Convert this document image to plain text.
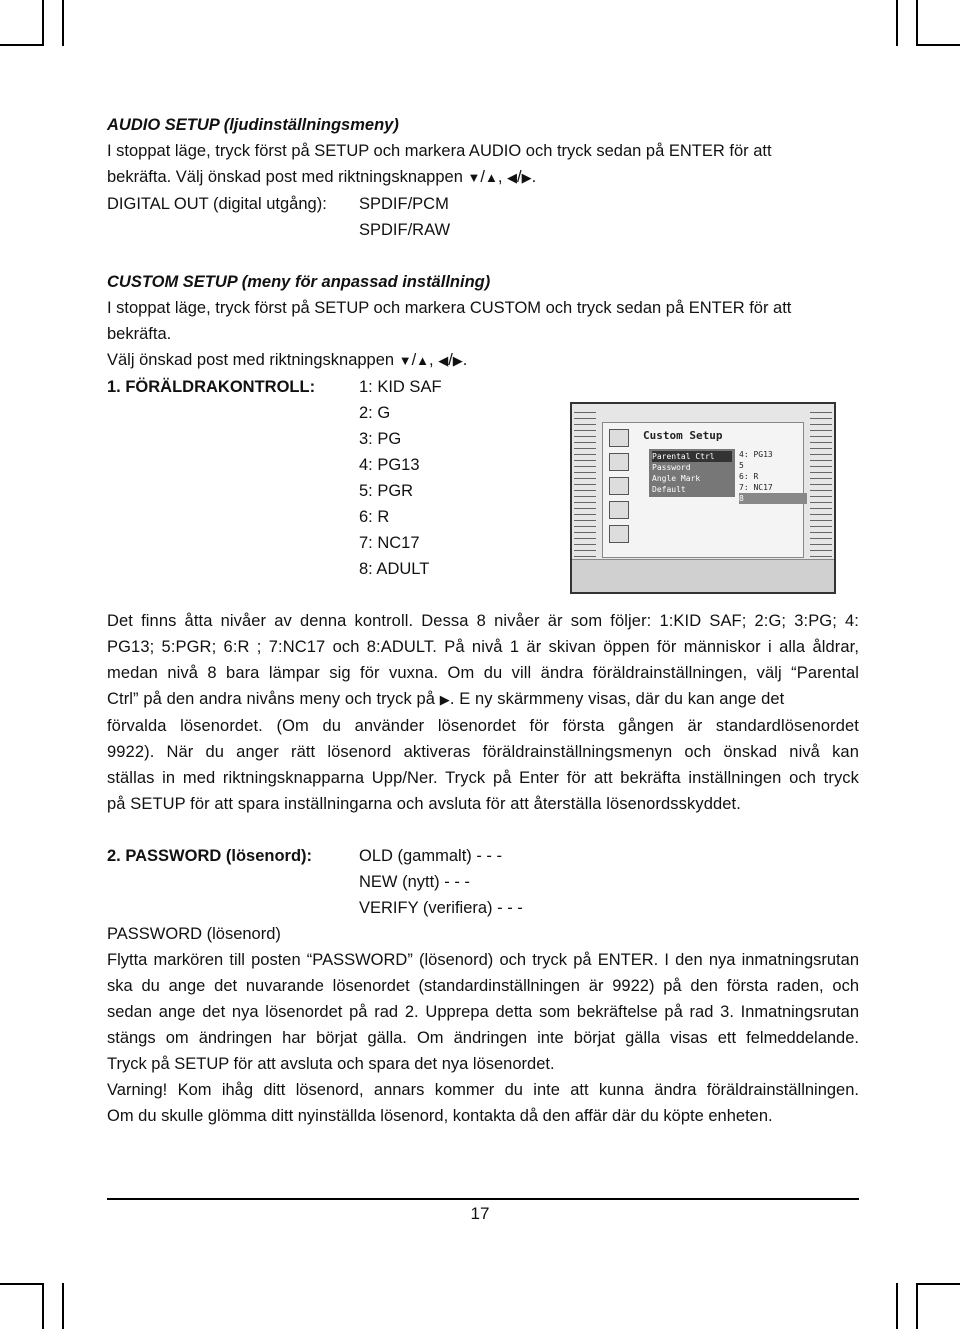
AUDIO SETUP (ljudinställningsmeny)
I stoppat läge, tryck först på SETUP och markera AUDIO och tryck sedan på ENTER för att
bekräfta. Välj önskad post med riktningsknappen ▼/▲, ◀/▶.
DIGITAL OUT (digital utgång):SPDIF/PCM
SPDIF/RAW
CUSTOM SETUP (meny för anpassad inställning)
I stoppat läge, tryck först på SETUP och markera CUSTOM och tryck sedan på ENTER för att
bekräfta.
Välj önskad post med riktningsknappen ▼/▲, ◀/▶.
1. FÖRÄLDRAKONTROLL:	1: KID SAF
2: G
3: PG
4: PG13
5: PGR
6: R
7: NC17
8: ADULT
Det finns åtta nivåer av denna kontroll. Dessa 8 nivåer är som följer: 1:KID SAF; 2:G; 3:PG; 4:
PG13; 5:PGR; 6:R ; 7:NC17 och 8:ADULT. På nivå 1 är skivan öppen för människor i alla åldrar,
medan nivå 8 bara lämpar sig för vuxna. Om du vill ändra föräldrainställningen, välj “Parental
Ctrl” på den andra nivåns meny och tryck på ▶. E ny skärmmeny visas, där du kan ange det
förvalda lösenordet. (Om du använder lösenordet för första gången är standardlösenordet
9922). När du anger rätt lösenord aktiveras föräldrainställningsmenyn och önskad nivå kan
ställas in med riktningsknapparna Upp/Ner. Tryck på Enter för att bekräfta inställningen och tryck
på SETUP för att spara inställningarna och avsluta för att återställa lösenordsskyddet.
2. PASSWORD (lösenord):	OLD (gammalt) - - -
NEW (nytt) - - -
VERIFY (verifiera) - - -
PASSWORD (lösenord)
Flytta markören till posten “PASSWORD” (lösenord) och tryck på ENTER. I den nya inmatningsrutan
ska du ange det nuvarande lösenordet (standardinställningen är 9922) på den första raden, och
sedan ange det nya lösenordet på rad 2. Upprepa detta som bekräftelse på rad 3. Inmatningsrutan
stängs om ändringen har börjat gälla. Om ändringen inte börjat gälla visas ett felmeddelande.
Tryck på SETUP för att avsluta och spara det nya lösenordet.
Varning! Kom ihåg ditt lösenord, annars kommer du inte att kunna ändra föräldrainställningen.
Om du skulle glömma ditt nyinställda lösenord, kontakta då den affär där du köpte enheten.
Custom Setup
Parental Ctrl
Password
Angle Mark
Default
4: PG13
5
6: R
7: NC17
8
17
